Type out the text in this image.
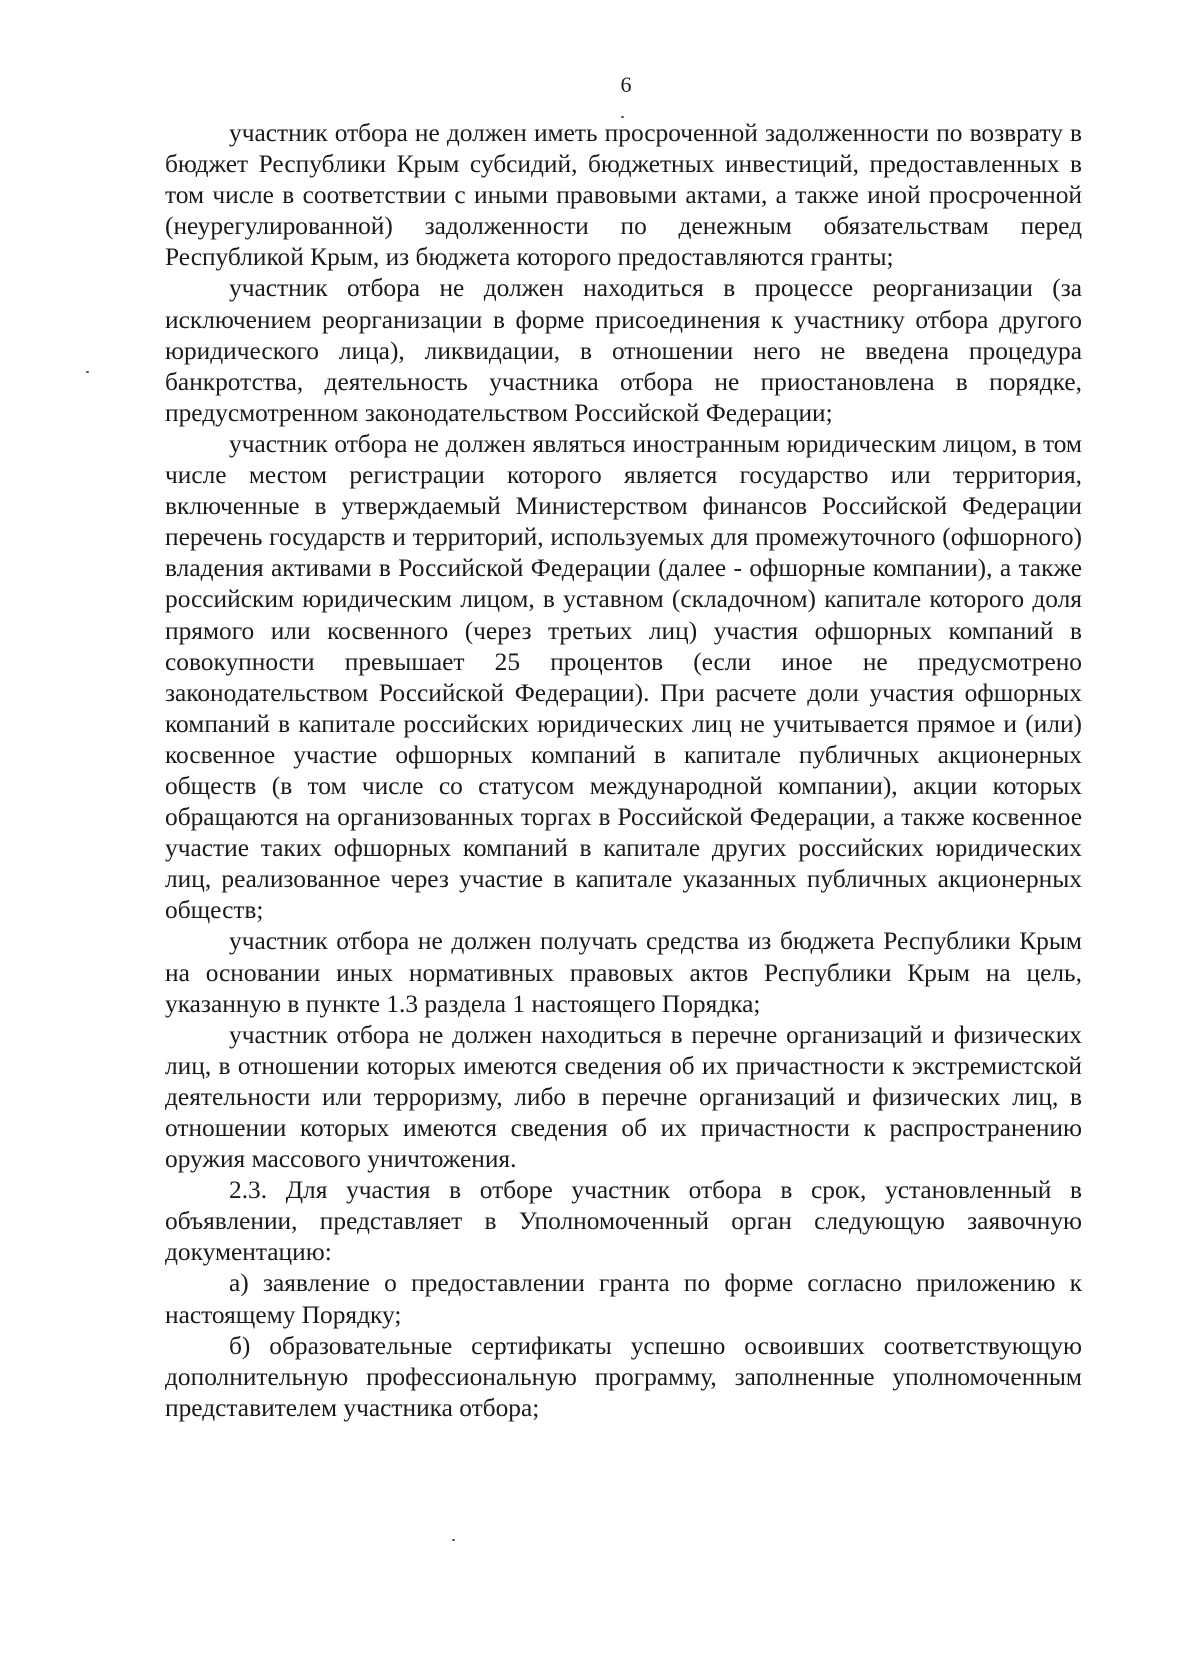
6

участник отбора не должен иметь просроченной задолженности по возврату в бюджет Республики Крым субсидий, бюджетных инвестиций, предоставленных в том числе в соответствии с иными правовыми актами, а также иной просроченной (неурегулированной) задолженности по денежным обязательствам перед Республикой Крым, из бюджета которого предоставляются гранты;

участник отбора не должен находиться в процессе реорганизации (за исключением реорганизации в форме присоединения к участнику отбора другого юридического лица), ликвидации, в отношении него не введена процедура банкротства, деятельность участника отбора не приостановлена в порядке, предусмотренном законодательством Российской Федерации;

участник отбора не должен являться иностранным юридическим лицом, в том числе местом регистрации которого является государство или территория, включенные в утверждаемый Министерством финансов Российской Федерации перечень государств и территорий, используемых для промежуточного (офшорного) владения активами в Российской Федерации (далее - офшорные компании), а также российским юридическим лицом, в уставном (складочном) капитале которого доля прямого или косвенного (через третьих лиц) участия офшорных компаний в совокупности превышает 25 процентов (если иное не предусмотрено законодательством Российской Федерации). При расчете доли участия офшорных компаний в капитале российских юридических лиц не учитывается прямое и (или) косвенное участие офшорных компаний в капитале публичных акционерных обществ (в том числе со статусом международной компании), акции которых обращаются на организованных торгах в Российской Федерации, а также косвенное участие таких офшорных компаний в капитале других российских юридических лиц, реализованное через участие в капитале указанных публичных акционерных обществ;

участник отбора не должен получать средства из бюджета Республики Крым на основании иных нормативных правовых актов Республики Крым на цель, указанную в пункте 1.3 раздела 1 настоящего Порядка;

участник отбора не должен находиться в перечне организаций и физических лиц, в отношении которых имеются сведения об их причастности к экстремистской деятельности или терроризму, либо в перечне организаций и физических лиц, в отношении которых имеются сведения об их причастности к распространению оружия массового уничтожения.

2.3. Для участия в отборе участник отбора в срок, установленный в объявлении, представляет в Уполномоченный орган следующую заявочную документацию:

а) заявление о предоставлении гранта по форме согласно приложению к настоящему Порядку;

б) образовательные сертификаты успешно освоивших соответствующую дополнительную профессиональную программу, заполненные уполномоченным представителем участника отбора;
